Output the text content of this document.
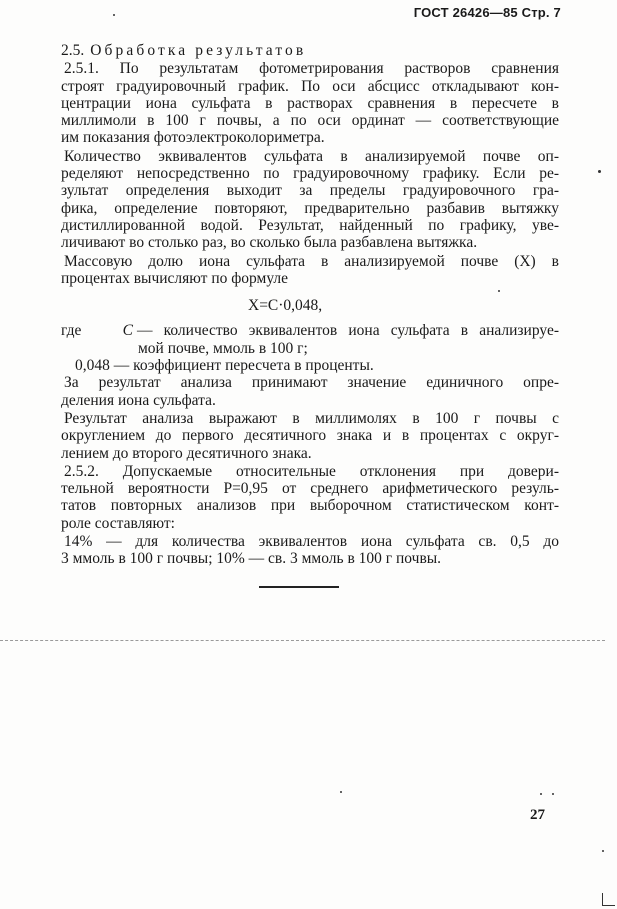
ГОСТ 26426—85 Стр. 7
2.5. Обработка результатов

2.5.1. По результатам фотометрирования растворов сравнения
строят градуировочный график. По оси абсцисс откладывают кон-
центрации иона сульфата в растворах сравнения в пересчете в
миллимоли в 100 г почвы, а по оси ординат — соответствующие
им показания фотоэлектроколориметра.

Количество эквивалентов сульфата в анализируемой почве оп-
ределяют непосредственно по градуировочному графику. Если ре-
зультат определения выходит за пределы градуировочного гра-
фика, определение повторяют, предварительно разбавив вытяжку
дистиллированной водой. Результат, найденный по графику, уве-
личивают во столько раз, во сколько была разбавлена вытяжка.

Массовую долю иона сульфата в анализируемой почве (X) в
процентах вычисляют по формуле

X=C·0,048,
где	C — количество эквивалентов иона сульфата в анализируе-
мой почве, ммоль в 100 г;
0,048 — коэффициент пересчета в проценты.

За результат анализа принимают значение единичного опре-
деления иона сульфата.

Результат анализа выражают в миллимолях в 100 г почвы с
округлением до первого десятичного знака и в процентах с округ-
лением до второго десятичного знака.

2.5.2. Допускаемые относительные отклонения при довери-
тельной вероятности P=0,95 от среднего арифметического резуль-
татов повторных анализов при выборочном статистическом конт-
роле составляют:

14% — для количества эквивалентов иона сульфата св. 0,5 до
3 ммоль в 100 г почвы; 10% — св. 3 ммоль в 100 г почвы.

27
